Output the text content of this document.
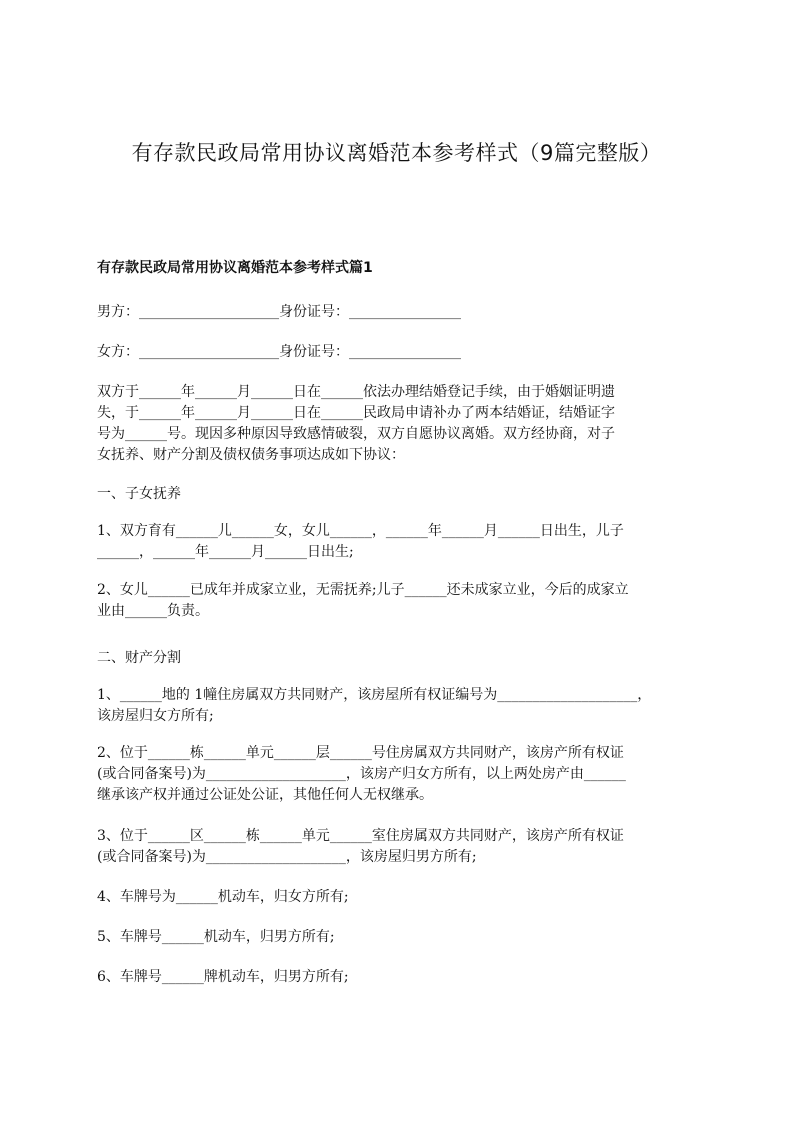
有存款民政局常用协议离婚范本参考样式（9篇完整版）
有存款民政局常用协议离婚范本参考样式篇1
男方：____________________身份证号：________________
女方：____________________身份证号：________________
双方于______年______月______日在______依法办理结婚登记手续，由于婚姻证明遗
失，于______年______月______日在______民政局申请补办了两本结婚证，结婚证字
号为______号。现因多种原因导致感情破裂，双方自愿协议离婚。双方经协商，对子
女抚养、财产分割及债权债务事项达成如下协议：
一、子女抚养
1、双方育有______儿______女，女儿______，______年______月______日出生，儿子
______，______年______月______日出生;
2、女儿______已成年并成家立业，无需抚养;儿子______还未成家立业，今后的成家立
业由______负责。
二、财产分割
1、______地的 1幢住房属双方共同财产，该房屋所有权证编号为____________________，
该房屋归女方所有;
2、位于______栋______单元______层______号住房属双方共同财产，该房产所有权证
(或合同备案号)为____________________，该房产归女方所有，以上两处房产由______
继承该产权并通过公证处公证，其他任何人无权继承。
3、位于______区______栋______单元______室住房属双方共同财产，该房产所有权证
(或合同备案号)为____________________，该房屋归男方所有;
4、车牌号为______机动车，归女方所有;
5、车牌号______机动车，归男方所有;
6、车牌号______牌机动车，归男方所有;
